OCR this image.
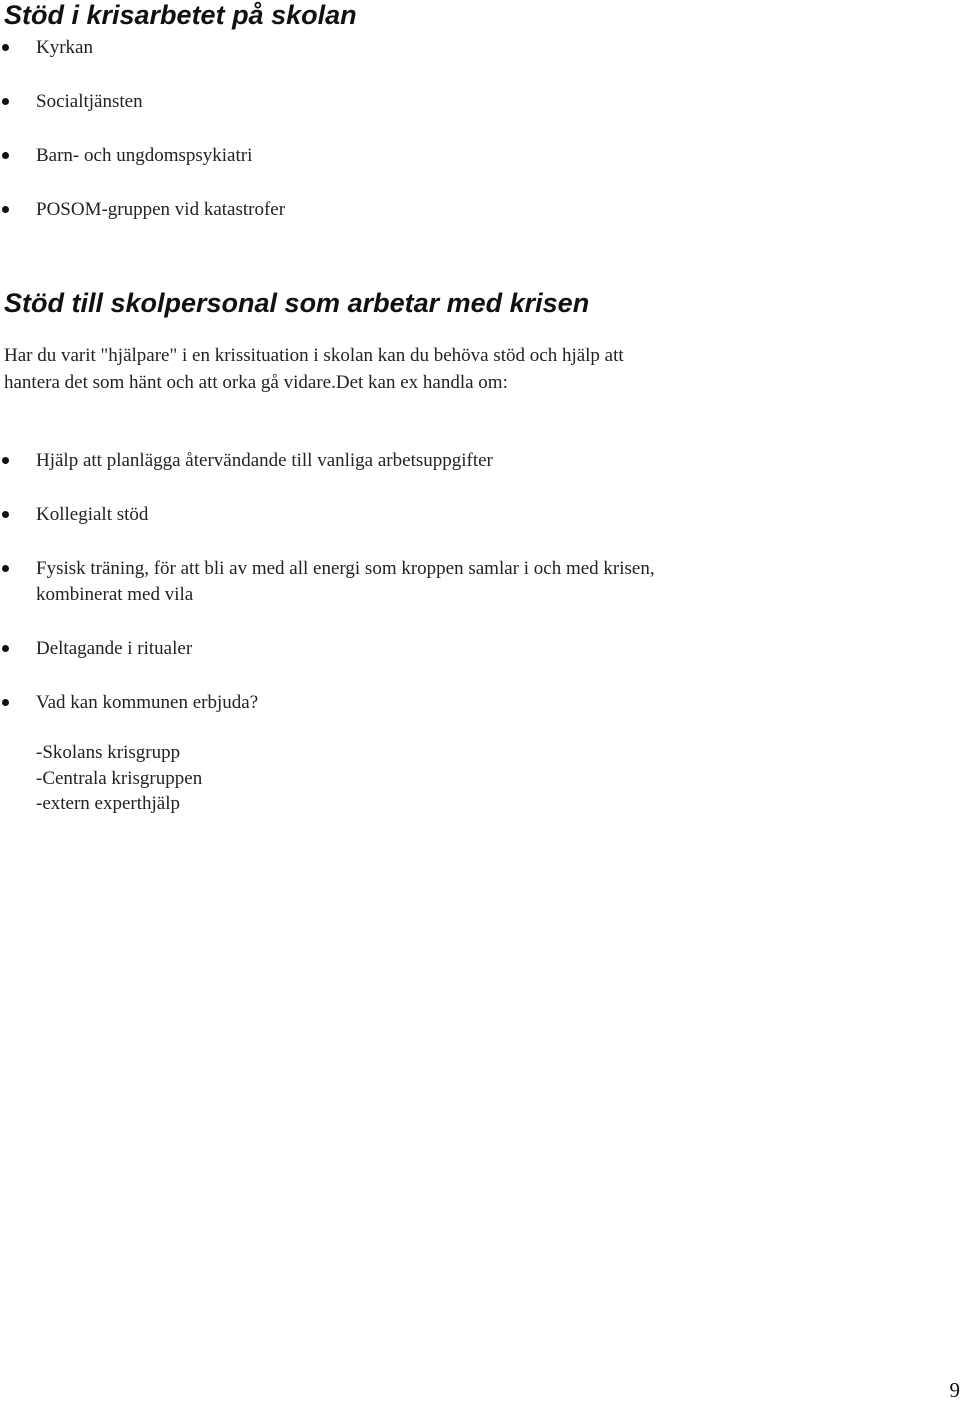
Stöd i krisarbetet på skolan
Kyrkan
Socialtjänsten
Barn- och ungdomspsykiatri
POSOM-gruppen vid katastrofer
Stöd till skolpersonal som arbetar med krisen

Har du varit "hjälpare" i en krissituation i skolan kan du behöva stöd och hjälp att

hantera det som hänt och att orka gå vidare.Det kan ex handla om:

Hjälp att planlägga återvändande till vanliga arbetsuppgifter
Kollegialt stöd
Fysisk träning, för att bli av med all energi som kroppen samlar i och med krisen,
kombinerat med vila
Deltagande i ritualer
Vad kan kommunen erbjuda?
-Skolans krisgrupp
-Centrala krisgruppen
-extern experthjälp
9
